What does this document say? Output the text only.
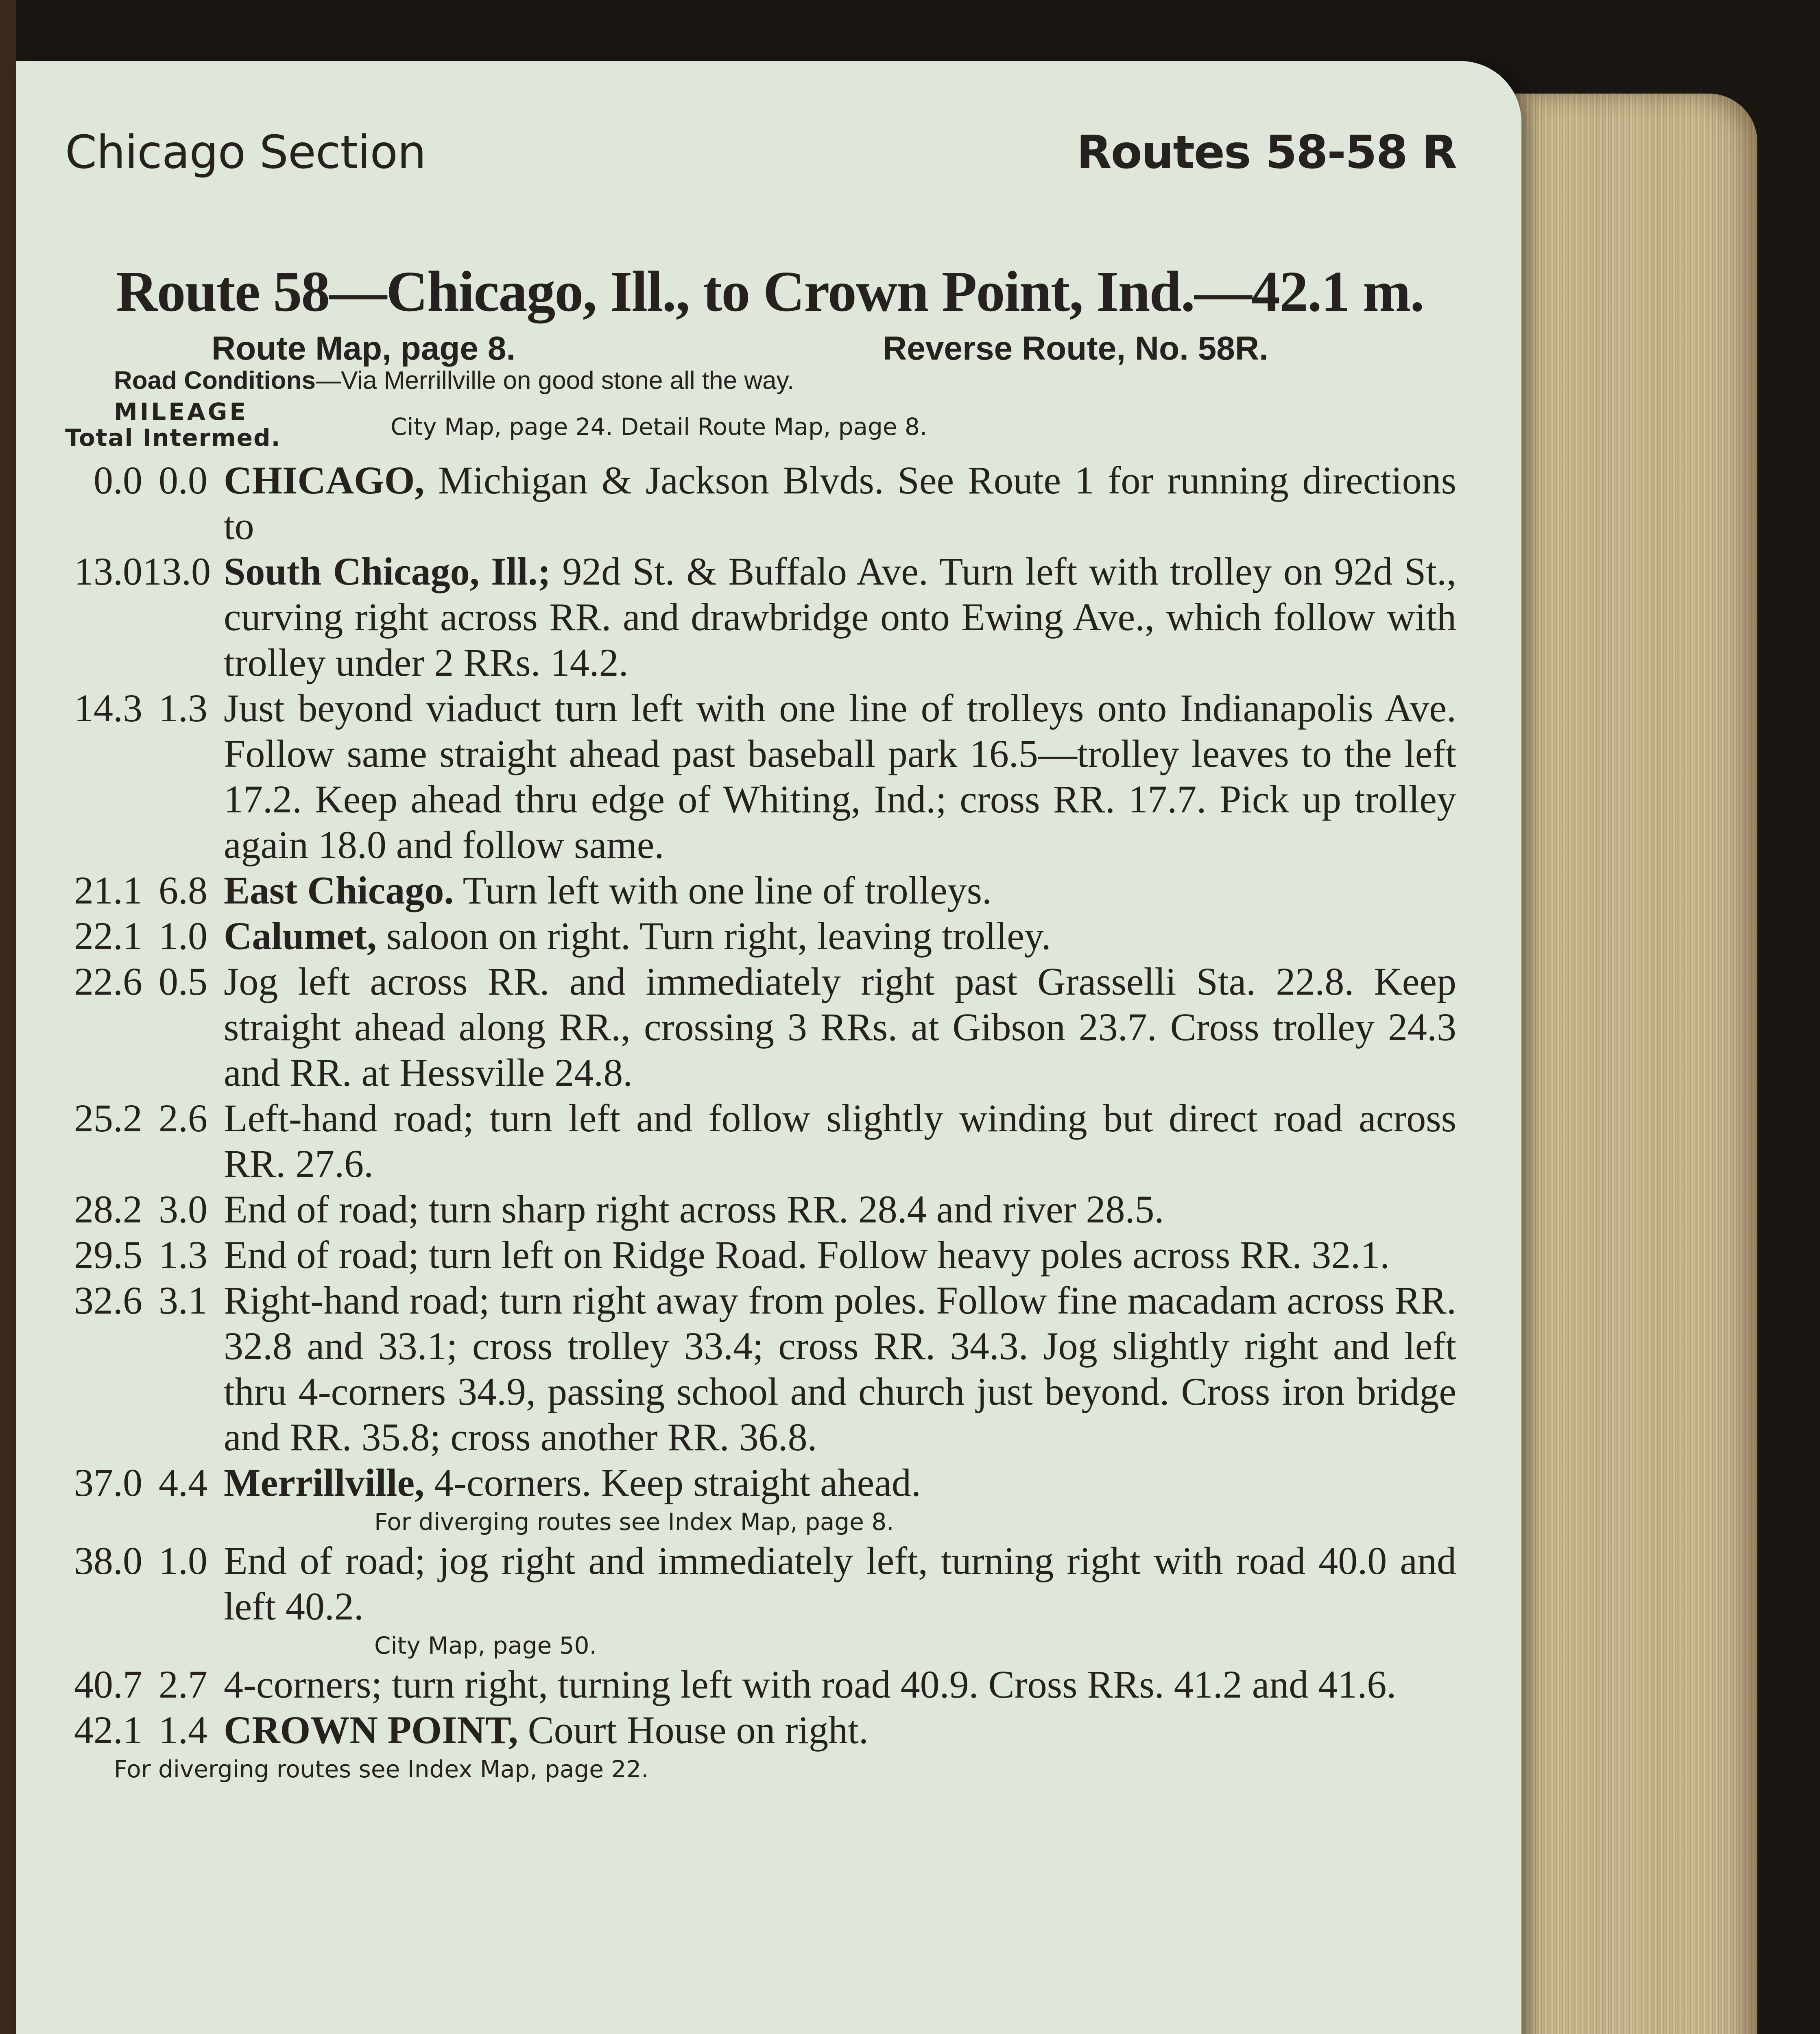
Chicago Section	Routes 58-58 R
Route 58—Chicago, Ill., to Crown Point, Ind.—42.1 m.
Route Map, page 8.	Reverse Route, No. 58R.
Road Conditions—Via Merrillville on good stone all the way.
MILEAGE
Total Intermed.	City Map, page 24. Detail Route Map, page 8.
0.0 0.0 CHICAGO, Michigan & Jackson Blvds. See Route 1 for running directions to
13.0 13.0 South Chicago, Ill.; 92d St. & Buffalo Ave. Turn left with trolley on 92d St., curving right across RR. and drawbridge onto Ewing Ave., which follow with trolley under 2 RRs. 14.2.
14.3 1.3 Just beyond viaduct turn left with one line of trolleys onto Indianapolis Ave. Follow same straight ahead past baseball park 16.5—trolley leaves to the left 17.2. Keep ahead thru edge of Whiting, Ind.; cross RR. 17.7. Pick up trolley again 18.0 and follow same.
21.1 6.8 East Chicago. Turn left with one line of trolleys.
22.1 1.0 Calumet, saloon on right. Turn right, leaving trolley.
22.6 0.5 Jog left across RR. and immediately right past Grasselli Sta. 22.8. Keep straight ahead along RR., crossing 3 RRs. at Gibson 23.7. Cross trolley 24.3 and RR. at Hessville 24.8.
25.2 2.6 Left-hand road; turn left and follow slightly winding but direct road across RR. 27.6.
28.2 3.0 End of road; turn sharp right across RR. 28.4 and river 28.5.
29.5 1.3 End of road; turn left on Ridge Road. Follow heavy poles across RR. 32.1.
32.6 3.1 Right-hand road; turn right away from poles. Follow fine macadam across RR. 32.8 and 33.1; cross trolley 33.4; cross RR. 34.3. Jog slightly right and left thru 4-corners 34.9, passing school and church just beyond. Cross iron bridge and RR. 35.8; cross another RR. 36.8.
37.0 4.4 Merrillville, 4-corners. Keep straight ahead.
For diverging routes see Index Map, page 8.
38.0 1.0 End of road; jog right and immediately left, turning right with road 40.0 and left 40.2.
City Map, page 50.
40.7 2.7 4-corners; turn right, turning left with road 40.9. Cross RRs. 41.2 and 41.6.
42.1 1.4 CROWN POINT, Court House on right.
For diverging routes see Index Map, page 22.
